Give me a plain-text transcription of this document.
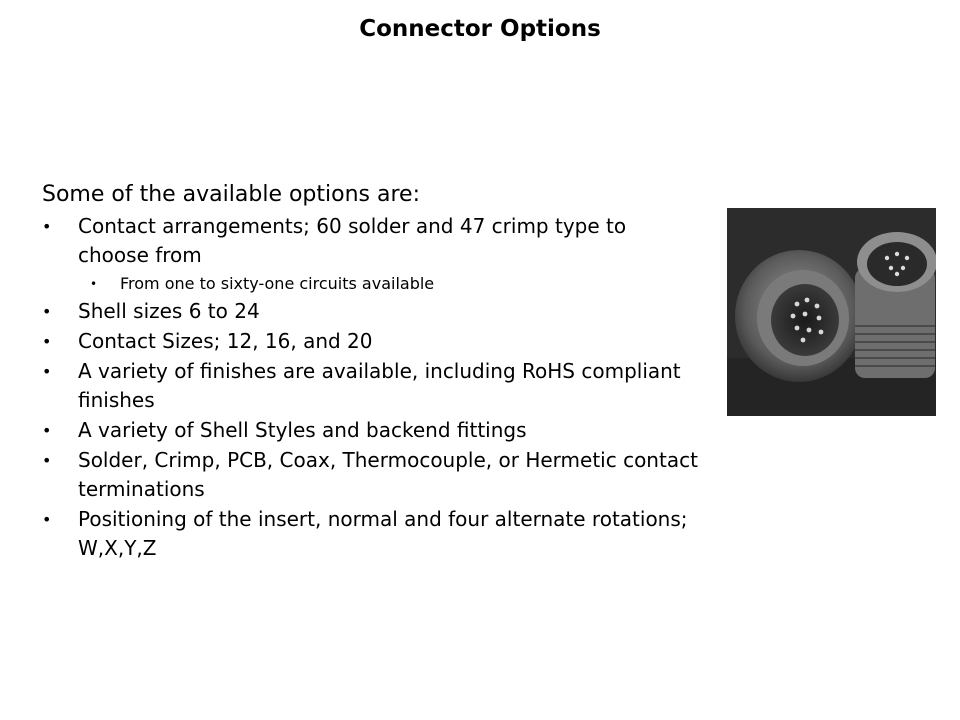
Connector Options
Some of the available options are:
• Contact arrangements; 60 solder and 47 crimp type to choose from
• From one to sixty-one circuits available
• Shell sizes 6 to 24
• Contact Sizes; 12, 16, and 20
• A variety of finishes are available, including RoHS compliant finishes
• A variety of Shell Styles and backend fittings
• Solder, Crimp, PCB, Coax, Thermocouple, or Hermetic contact terminations
• Positioning of the insert, normal and four alternate rotations; W,X,Y,Z
